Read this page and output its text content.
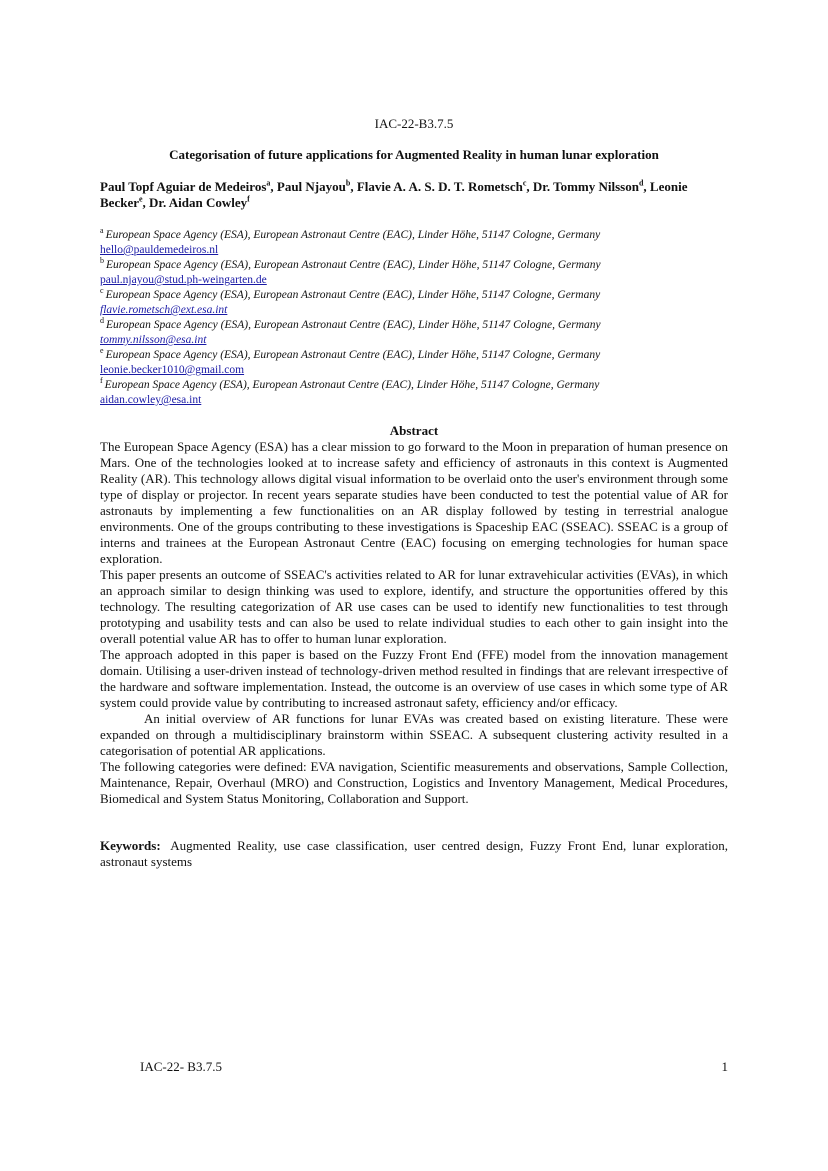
IAC-22-B3.7.5
Categorisation of future applications for Augmented Reality in human lunar exploration
Paul Topf Aguiar de Medeiros$^a$, Paul Njayou$^b$, Flavie A. A. S. D. T. Rometsch$^c$, Dr. Tommy Nilsson$^d$, Leonie Becker$^e$, Dr. Aidan Cowley$^f$
$^a$ European Space Agency (ESA), European Astronaut Centre (EAC), Linder Höhe, 51147 Cologne, Germany
hello@pauldemedeiros.nl
$^b$ European Space Agency (ESA), European Astronaut Centre (EAC), Linder Höhe, 51147 Cologne, Germany
paul.njayou@stud.ph-weingarten.de
$^c$ European Space Agency (ESA), European Astronaut Centre (EAC), Linder Höhe, 51147 Cologne, Germany
flavie.rometsch@ext.esa.int
$^d$ European Space Agency (ESA), European Astronaut Centre (EAC), Linder Höhe, 51147 Cologne, Germany
tommy.nilsson@esa.int
$^e$ European Space Agency (ESA), European Astronaut Centre (EAC), Linder Höhe, 51147 Cologne, Germany
leonie.becker1010@gmail.com
$^f$ European Space Agency (ESA), European Astronaut Centre (EAC), Linder Höhe, 51147 Cologne, Germany
aidan.cowley@esa.int
Abstract

The European Space Agency (ESA) has a clear mission to go forward to the Moon in preparation of human presence on Mars. One of the technologies looked at to increase safety and efficiency of astronauts in this context is Augmented Reality (AR). This technology allows digital visual information to be overlaid onto the user's environment through some type of display or projector. In recent years separate studies have been conducted to test the potential value of AR for astronauts by implementing a few functionalities on an AR display followed by testing in terrestrial analogue environments. One of the groups contributing to these investigations is Spaceship EAC (SSEAC). SSEAC is a group of interns and trainees at the European Astronaut Centre (EAC) focusing on emerging technologies for human space exploration.

This paper presents an outcome of SSEAC's activities related to AR for lunar extravehicular activities (EVAs), in which an approach similar to design thinking was used to explore, identify, and structure the opportunities offered by this technology. The resulting categorization of AR use cases can be used to identify new functionalities to test through prototyping and usability tests and can also be used to relate individual studies to each other to gain insight into the overall potential value AR has to offer to human lunar exploration.

The approach adopted in this paper is based on the Fuzzy Front End (FFE) model from the innovation management domain. Utilising a user-driven instead of technology-driven method resulted in findings that are relevant irrespective of the hardware and software implementation. Instead, the outcome is an overview of use cases in which some type of AR system could provide value by contributing to increased astronaut safety, efficiency and/or efficacy.

An initial overview of AR functions for lunar EVAs was created based on existing literature. These were expanded on through a multidisciplinary brainstorm within SSEAC. A subsequent clustering activity resulted in a categorisation of potential AR applications.

The following categories were defined: EVA navigation, Scientific measurements and observations, Sample Collection, Maintenance, Repair, Overhaul (MRO) and Construction, Logistics and Inventory Management, Medical Procedures, Biomedical and System Status Monitoring, Collaboration and Support.

Keywords: Augmented Reality, use case classification, user centred design, Fuzzy Front End, lunar exploration, astronaut systems
IAC-22- B3.7.5	1
